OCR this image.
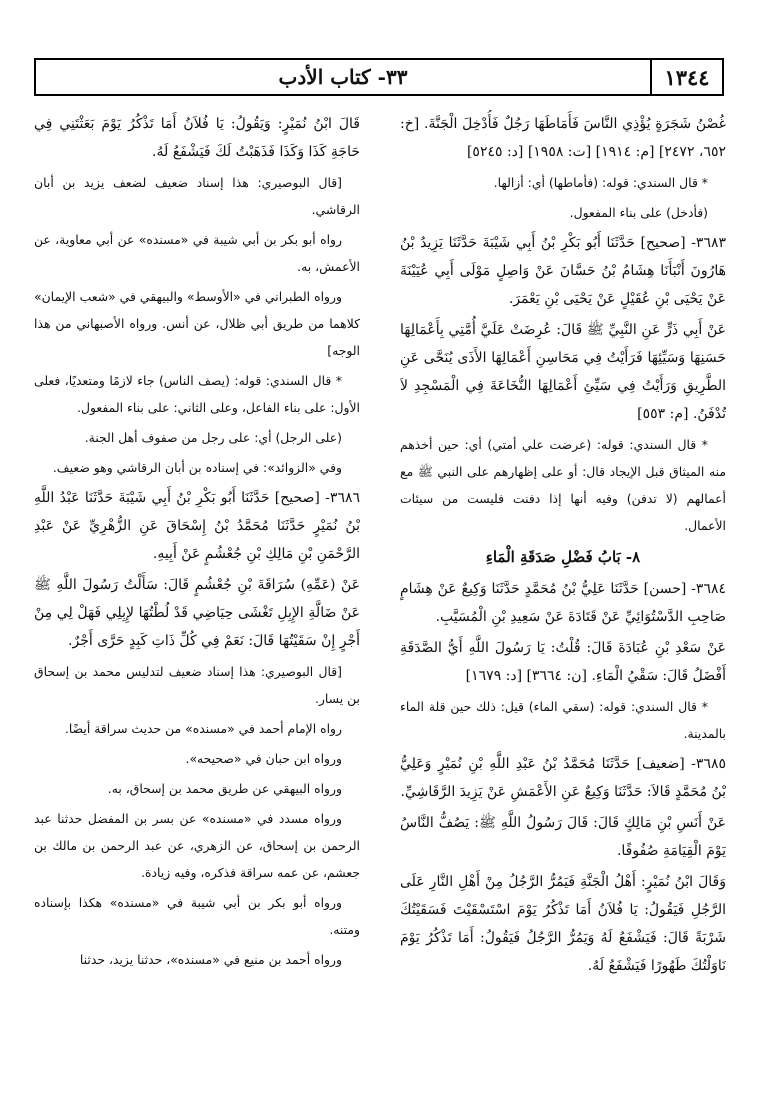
١٣٤٤
٣٣- كتاب الأدب

غُصْنُ شَجَرَةٍ يُؤْذِي النَّاسَ فَأَمَاطَهَا رَجُلٌ فَأُدْخِلَ الْجَنَّةَ. [خ: ٦٥٢، ٢٤٧٢] [م: ١٩١٤] [ت: ١٩٥٨] [د: ٥٢٤٥]

* قال السندي: قوله: (فأماطها) أي: أزالها.

(فأدخل) على بناء المفعول.

٣٦٨٣- [صحيح] حَدَّثَنَا أَبُو بَكْرِ بْنُ أَبِي شَيْبَةَ حَدَّثَنَا يَزِيدُ بْنُ هَارُونَ أَنْبَأَنَا هِشَامُ بْنُ حَسَّانَ عَنْ وَاصِلٍ مَوْلَى أَبِي عُيَيْنَةَ عَنْ يَحْيَى بْنِ عُقَيْلٍ عَنْ يَحْيَى بْنِ يَعْمَرَ.

عَنْ أَبِي ذَرٍّ عَنِ النَّبِيِّ ﷺ قَالَ: عُرِضَتْ عَلَيَّ أُمَّتِي بِأَعْمَالِهَا حَسَنِهَا وَسَيِّئِهَا فَرَأَيْتُ فِي مَحَاسِنِ أَعْمَالِهَا الأَذَى يُنَحَّى عَنِ الطَّرِيقِ وَرَأَيْتُ فِي سَيِّئِ أَعْمَالِهَا النُّخَاعَةَ فِي الْمَسْجِدِ لاَ تُدْفَنُ. [م: ٥٥٣]

* قال السندي: قوله: (عرضت علي أمتي) أي: حين أخذهم منه الميثاق قبل الإيجاد قال: أو على إظهارهم على النبي ﷺ مع أعمالهم (لا تدفن) وفيه أنها إذا دفنت فليست من سيئات الأعمال.

٨- بَابُ فَضْلِ صَدَقَةِ الْمَاءِ

٣٦٨٤- [حسن] حَدَّثَنَا عَلِيُّ بْنُ مُحَمَّدٍ حَدَّثَنَا وَكِيعٌ عَنْ هِشَامٍ صَاحِبِ الدَّسْتُوَائِيِّ عَنْ قَتَادَةَ عَنْ سَعِيدِ بْنِ الْمُسَيَّبِ.

عَنْ سَعْدِ بْنِ عُبَادَةَ قَالَ: قُلْتُ: يَا رَسُولَ اللَّهِ أَيُّ الصَّدَقَةِ أَفْضَلُ قَالَ: سَقْيُ الْمَاءِ. [ن: ٣٦٦٤] [د: ١٦٧٩]

* قال السندي: قوله: (سقي الماء) قيل: ذلك حين قلة الماء بالمدينة.

٣٦٨٥- [ضعيف] حَدَّثَنَا مُحَمَّدُ بْنُ عَبْدِ اللَّهِ بْنِ نُمَيْرٍ وَعَلِيُّ بْنُ مُحَمَّدٍ قَالاَ: حَدَّثَنَا وَكِيعٌ عَنِ الأَعْمَشِ عَنْ يَزِيدَ الرَّقَاشِيِّ.

عَنْ أَنَسِ بْنِ مَالِكٍ قَالَ: قَالَ رَسُولُ اللَّهِ ﷺ: يَصُفُّ النَّاسُ يَوْمَ الْقِيَامَةِ صُفُوفًا.

وَقَالَ ابْنُ نُمَيْرٍ: أَهْلُ الْجَنَّةِ فَيَمُرُّ الرَّجُلُ مِنْ أَهْلِ النَّارِ عَلَى الرَّجُلِ فَيَقُولُ: يَا فُلاَنُ أَمَا تَذْكُرُ يَوْمَ اسْتَسْقَيْتَ فَسَقَيْتُكَ شَرْبَةً قَالَ: فَيَشْفَعُ لَهُ وَيَمُرُّ الرَّجُلُ فَيَقُولُ: أَمَا تَذْكُرُ يَوْمَ نَاوَلْتُكَ طَهُورًا فَيَشْفَعُ لَهُ.

قَالَ ابْنُ نُمَيْرٍ: وَيَقُولُ: يَا فُلاَنُ أَمَا تَذْكُرُ يَوْمَ بَعَثْتَنِي فِي حَاجَةِ كَذَا وَكَذَا فَذَهَبْتُ لَكَ فَيَشْفَعُ لَهُ.

[قال البوصيري: هذا إسناد ضعيف لضعف يزيد بن أبان الرقاشي.

رواه أبو بكر بن أبي شيبة في «مسنده» عن أبي معاوية، عن الأعمش، به.

ورواه الطبراني في «الأوسط» والبيهقي في «شعب الإيمان» كلاهما من طريق أبي ظلال، عن أنس. ورواه الأصبهاني من هذا الوجه]

* قال السندي: قوله: (يصف الناس) جاء لازمًا ومتعديًا، فعلى الأول: على بناء الفاعل، وعلى الثاني: على بناء المفعول.

(على الرجل) أي: على رجل من صفوف أهل الجنة.

وفي «الزوائد»: في إسناده بن أبان الرقاشي وهو ضعيف.

٣٦٨٦- [صحيح] حَدَّثَنَا أَبُو بَكْرِ بْنُ أَبِي شَيْبَةَ حَدَّثَنَا عَبْدُ اللَّهِ بْنُ نُمَيْرٍ حَدَّثَنَا مُحَمَّدُ بْنُ إِسْحَاقَ عَنِ الزُّهْرِيِّ عَنْ عَبْدِ الرَّحْمَنِ بْنِ مَالِكِ بْنِ جُعْشُمٍ عَنْ أَبِيهِ.

عَنْ (عَمِّهِ) سُرَاقَةَ بْنِ جُعْشُمٍ قَالَ: سَأَلْتُ رَسُولَ اللَّهِ ﷺ عَنْ ضَالَّةِ الإِبِلِ تَغْشَى حِيَاضِي قَدْ لُطْتُهَا لإِبِلِي فَهَلْ لِي مِنْ أَجْرٍ إِنْ سَقَيْتُهَا قَالَ: نَعَمْ فِي كُلِّ ذَاتِ كَبِدٍ حَرَّى أَجْرٌ.

[قال البوصيري: هذا إسناد ضعيف لتدليس محمد بن إسحاق بن يسار.

رواه الإمام أحمد في «مسنده» من حديث سراقة أيضًا.

ورواه ابن حبان في «صحيحه».

ورواه البيهقي عن طريق محمد بن إسحاق، به.

ورواه مسدد في «مسنده» عن بسر بن المفضل حدثنا عبد الرحمن بن إسحاق، عن الزهري، عن عبد الرحمن بن مالك بن جعشم، عن عمه سراقة فذكره، وفيه زيادة.

ورواه أبو بكر بن أبي شيبة في «مسنده» هكذا بإسناده ومتنه.

ورواه أحمد بن منيع في «مسنده»، حدثنا يزيد، حدثنا
